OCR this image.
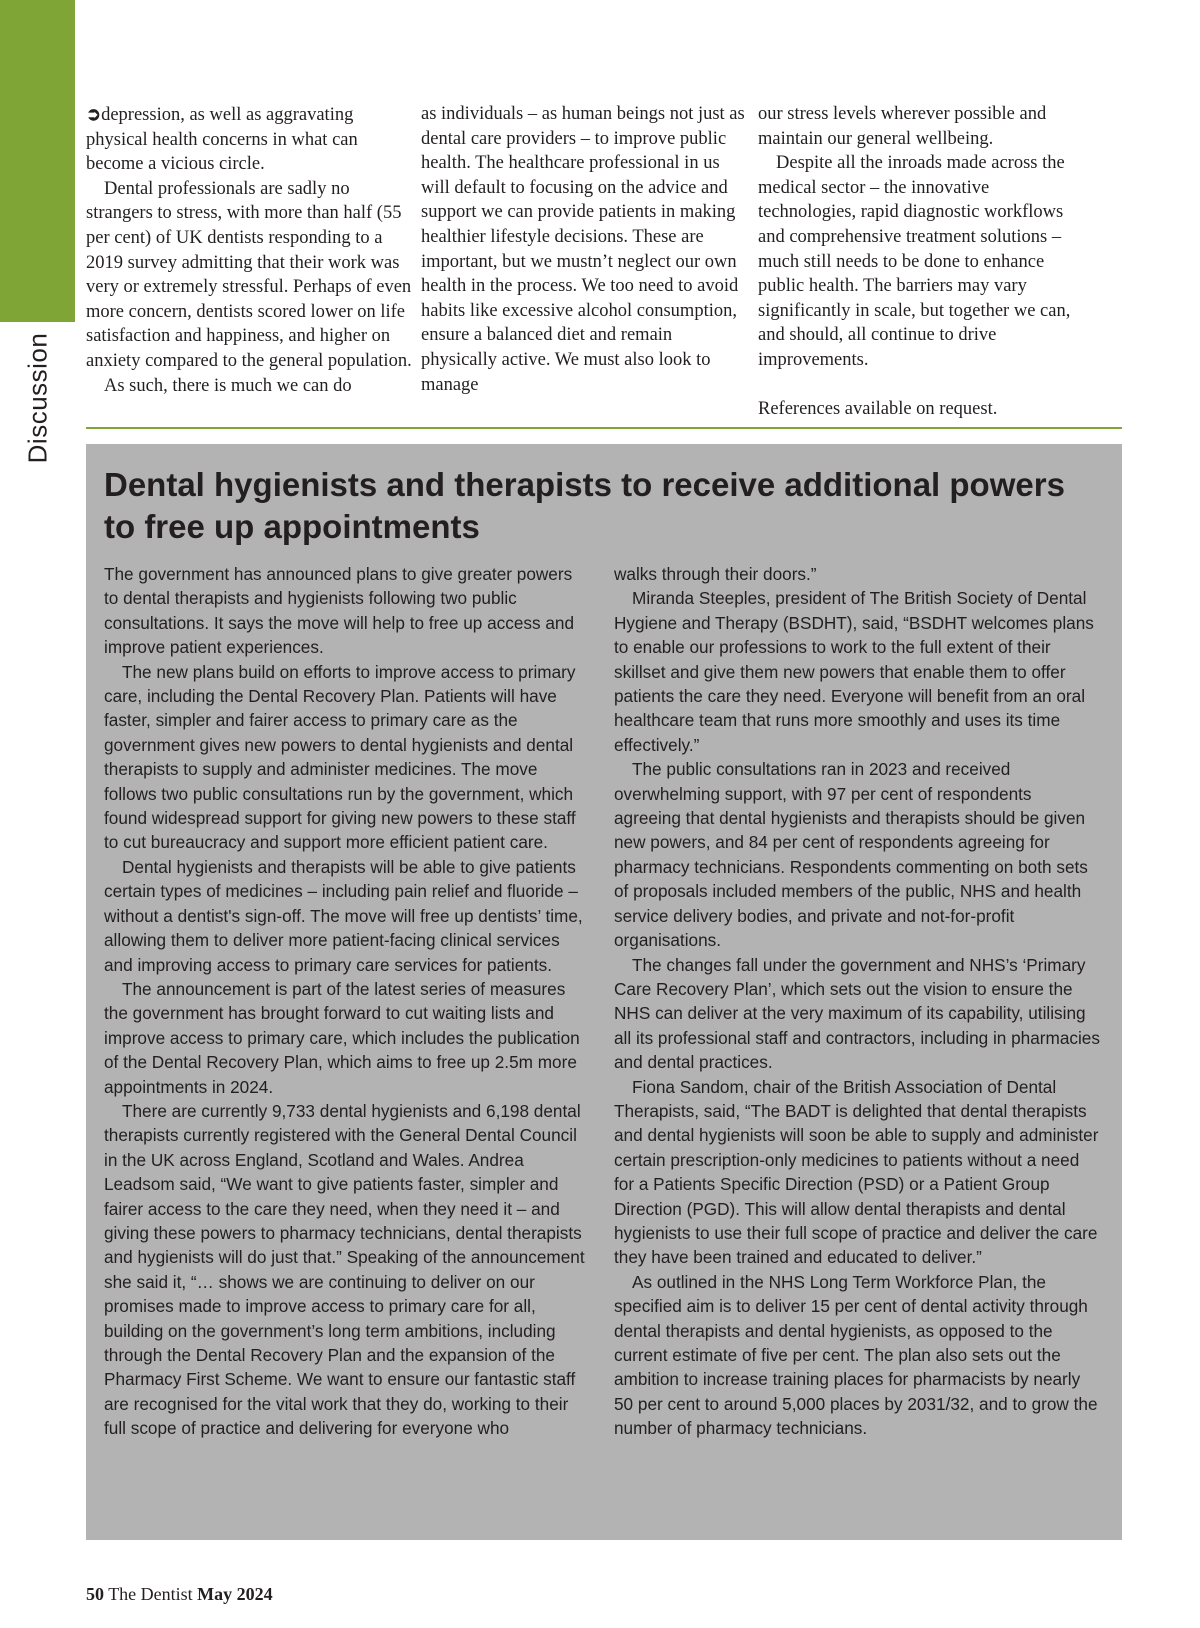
Discussion

➲depression, as well as aggravating physical health concerns in what can become a vicious circle.

Dental professionals are sadly no strangers to stress, with more than half (55 per cent) of UK dentists responding to a 2019 survey admitting that their work was very or extremely stressful. Perhaps of even more concern, dentists scored lower on life satisfaction and happiness, and higher on anxiety compared to the general population.

As such, there is much we can do

as individuals – as human beings not just as dental care providers – to improve public health. The healthcare professional in us will default to focusing on the advice and support we can provide patients in making healthier lifestyle decisions. These are important, but we mustn’t neglect our own health in the process. We too need to avoid habits like excessive alcohol consumption, ensure a balanced diet and remain physically active. We must also look to manage

our stress levels wherever possible and maintain our general wellbeing.

Despite all the inroads made across the medical sector – the innovative technologies, rapid diagnostic workflows and comprehensive treatment solutions – much still needs to be done to enhance public health. The barriers may vary significantly in scale, but together we can, and should, all continue to drive improvements.

References available on request.

Dental hygienists and therapists to receive additional powers to free up appointments

The government has announced plans to give greater powers to dental therapists and hygienists following two public consultations. It says the move will help to free up access and improve patient experiences.

The new plans build on efforts to improve access to primary care, including the Dental Recovery Plan. Patients will have faster, simpler and fairer access to primary care as the government gives new powers to dental hygienists and dental therapists to supply and administer medicines. The move follows two public consultations run by the government, which found widespread support for giving new powers to these staff to cut bureaucracy and support more efficient patient care.

Dental hygienists and therapists will be able to give patients certain types of medicines – including pain relief and fluoride – without a dentist's sign-off. The move will free up dentists’ time, allowing them to deliver more patient-facing clinical services and improving access to primary care services for patients.

The announcement is part of the latest series of measures the government has brought forward to cut waiting lists and improve access to primary care, which includes the publication of the Dental Recovery Plan, which aims to free up 2.5m more appointments in 2024.

There are currently 9,733 dental hygienists and 6,198 dental therapists currently registered with the General Dental Council in the UK across England, Scotland and Wales. Andrea Leadsom said, “We want to give patients faster, simpler and fairer access to the care they need, when they need it – and giving these powers to pharmacy technicians, dental therapists and hygienists will do just that.” Speaking of the announcement she said it, “… shows we are continuing to deliver on our promises made to improve access to primary care for all, building on the government’s long term ambitions, including through the Dental Recovery Plan and the expansion of the Pharmacy First Scheme. We want to ensure our fantastic staff are recognised for the vital work that they do, working to their full scope of practice and delivering for everyone who

walks through their doors.”

Miranda Steeples, president of The British Society of Dental Hygiene and Therapy (BSDHT), said, “BSDHT welcomes plans to enable our professions to work to the full extent of their skillset and give them new powers that enable them to offer patients the care they need. Everyone will benefit from an oral healthcare team that runs more smoothly and uses its time effectively.”

The public consultations ran in 2023 and received overwhelming support, with 97 per cent of respondents agreeing that dental hygienists and therapists should be given new powers, and 84 per cent of respondents agreeing for pharmacy technicians. Respondents commenting on both sets of proposals included members of the public, NHS and health service delivery bodies, and private and not-for-profit organisations.

The changes fall under the government and NHS’s ‘Primary Care Recovery Plan’, which sets out the vision to ensure the NHS can deliver at the very maximum of its capability, utilising all its professional staff and contractors, including in pharmacies and dental practices.

Fiona Sandom, chair of the British Association of Dental Therapists, said, “The BADT is delighted that dental therapists and dental hygienists will soon be able to supply and administer certain prescription-only medicines to patients without a need for a Patients Specific Direction (PSD) or a Patient Group Direction (PGD). This will allow dental therapists and dental hygienists to use their full scope of practice and deliver the care they have been trained and educated to deliver.”

As outlined in the NHS Long Term Workforce Plan, the specified aim is to deliver 15 per cent of dental activity through dental therapists and dental hygienists, as opposed to the current estimate of five per cent. The plan also sets out the ambition to increase training places for pharmacists by nearly 50 per cent to around 5,000 places by 2031/32, and to grow the number of pharmacy technicians.

50 The Dentist May 2024
